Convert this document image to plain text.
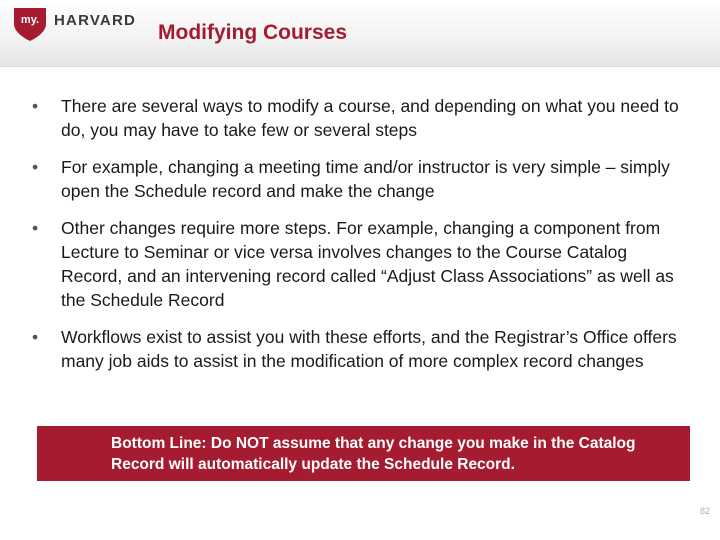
my. HARVARD
Modifying Courses
• There are several ways to modify a course, and depending on what you need to do, you may have to take few or several steps
• For example, changing a meeting time and/or instructor is very simple – simply open the Schedule record and make the change
• Other changes require more steps. For example, changing a component from Lecture to Seminar or vice versa involves changes to the Course Catalog Record, and an intervening record called “Adjust Class Associations” as well as the Schedule Record
• Workflows exist to assist you with these efforts, and the Registrar’s Office offers many job aids to assist in the modification of more complex record changes

Bottom Line: Do NOT assume that any change you make in the Catalog Record will automatically update the Schedule Record.

82
